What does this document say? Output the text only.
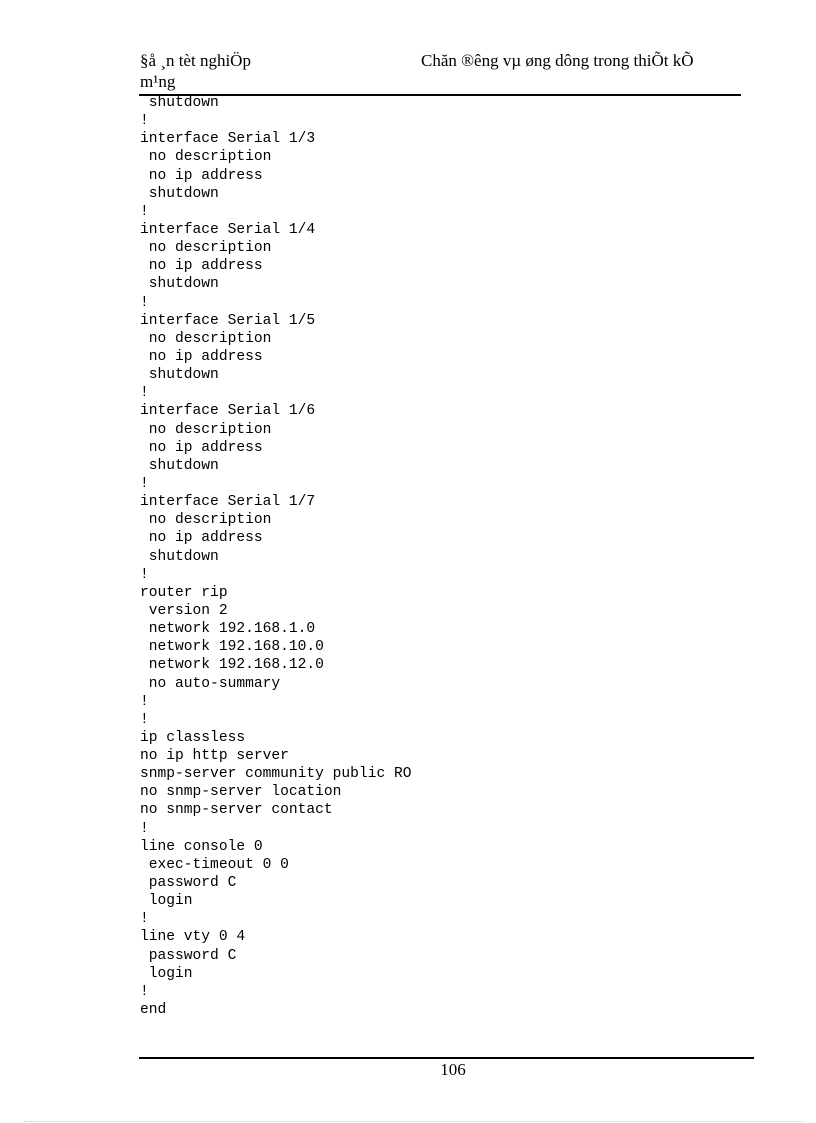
§å ¸n tèt nghiÖp
m¹ng
Chăn ®êng vµ øng dông trong thiÕt kÕ
shutdown
!
interface Serial 1/3
no description
no ip address
shutdown
!
interface Serial 1/4
no description
no ip address
shutdown
!
interface Serial 1/5
no description
no ip address
shutdown
!
interface Serial 1/6
no description
no ip address
shutdown
!
interface Serial 1/7
no description
no ip address
shutdown
!
router rip
version 2
network 192.168.1.0
network 192.168.10.0
network 192.168.12.0
no auto-summary
!
!
ip classless
no ip http server
snmp-server community public RO
no snmp-server location
no snmp-server contact
!
line console 0
exec-timeout 0 0
password C
login
!
line vty 0 4
password C
login
!
end
106
